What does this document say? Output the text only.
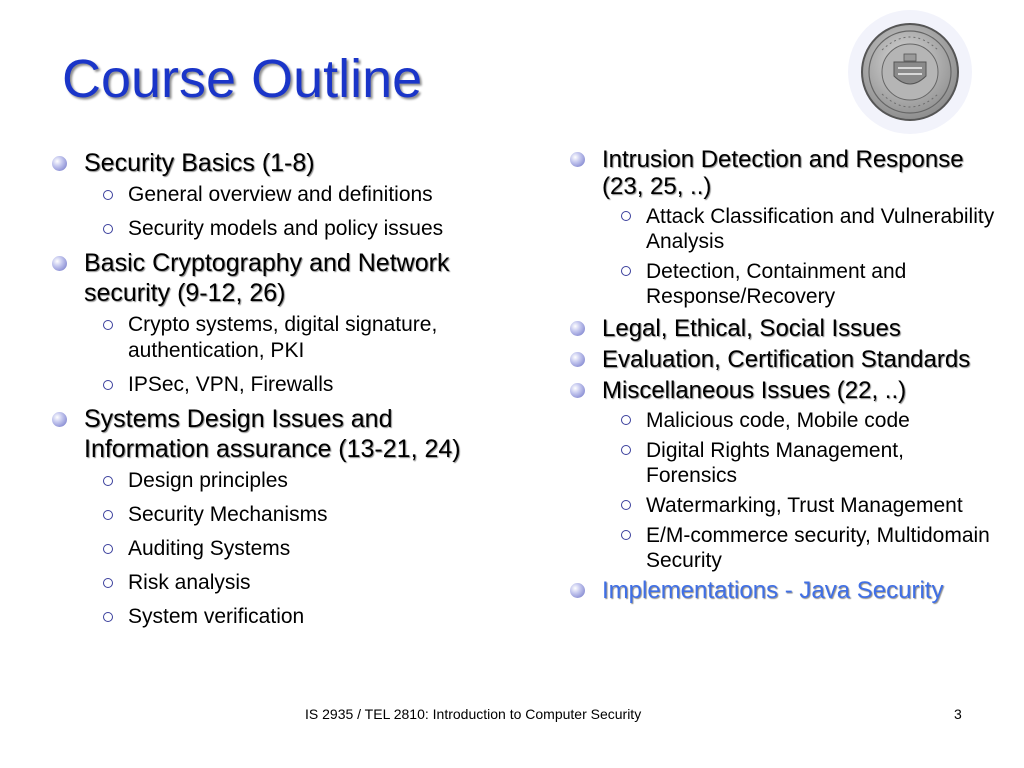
Course Outline
Security Basics (1-8)
General overview and definitions
Security models and policy issues
Basic Cryptography and Network security (9-12, 26)
Crypto systems, digital signature, authentication, PKI
IPSec, VPN, Firewalls
Systems Design Issues and Information assurance (13-21, 24)
Design principles
Security Mechanisms
Auditing Systems
Risk analysis
System verification
Intrusion Detection and Response (23, 25, ..)
Attack Classification and Vulnerability Analysis
Detection, Containment and Response/Recovery
Legal, Ethical, Social Issues
Evaluation, Certification Standards
Miscellaneous Issues (22, ..)
Malicious code, Mobile code
Digital Rights Management, Forensics
Watermarking, Trust Management
E/M-commerce security, Multidomain Security
Implementations - Java Security
IS 2935 / TEL 2810: Introduction to Computer Security	3
